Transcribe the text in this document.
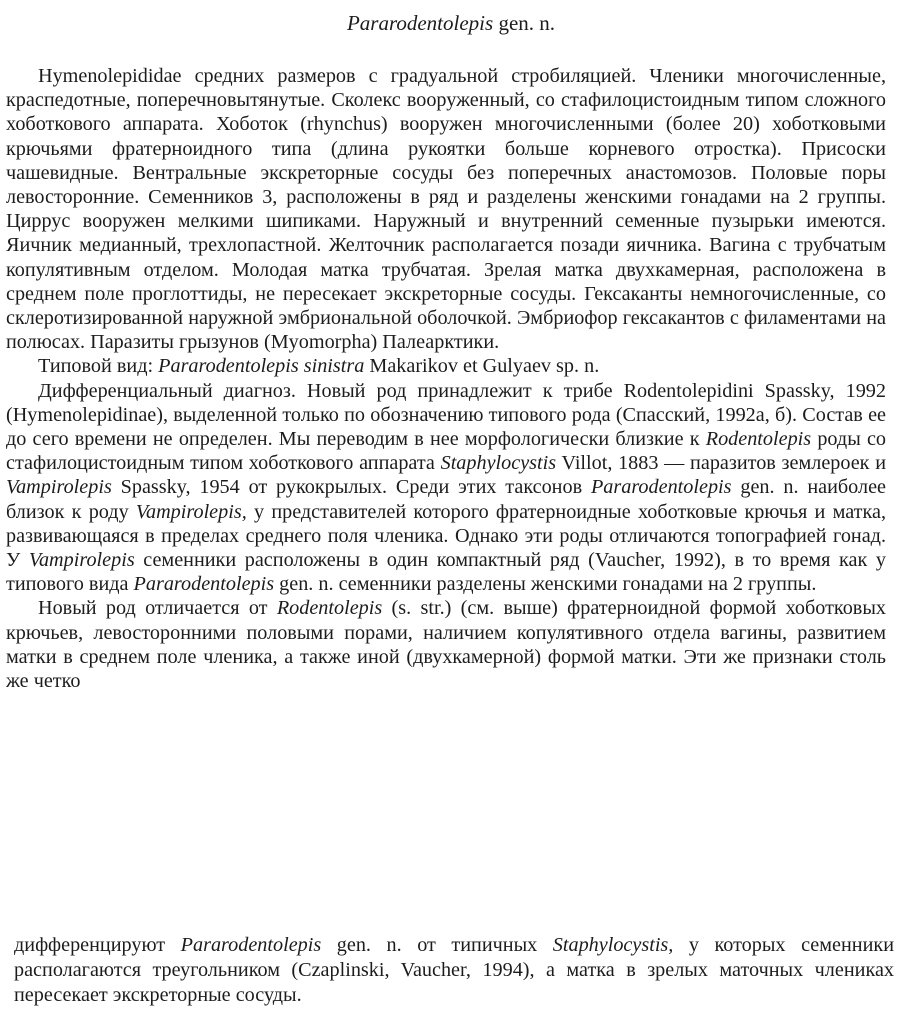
Pararodentolepis gen. n.

Hymenolepididae средних размеров с градуальной стробиляцией. Членики многочисленные, краспедотные, поперечновытянутые. Сколекс вооруженный, со стафилоцистоидным типом сложного хоботкового аппарата. Хоботок (rhynchus) вооружен многочисленными (более 20) хоботковыми крючьями фратерноидного типа (длина рукоятки больше корневого отростка). Присоски чашевидные. Вентральные экскреторные сосуды без поперечных анастомозов. Половые поры левосторонние. Семенников 3, расположены в ряд и разделены женскими гонадами на 2 группы. Циррус вооружен мелкими шипиками. Наружный и внутренний семенные пузырьки имеются. Яичник медианный, трехлопастной. Желточник располагается позади яичника. Вагина с трубчатым копулятивным отделом. Молодая матка трубчатая. Зрелая матка двухкамерная, расположена в среднем поле проглоттиды, не пересекает экскреторные сосуды. Гексаканты немногочисленные, со склеротизированной наружной эмбриональной оболочкой. Эмбриофор гексакантов с филаментами на полюсах. Паразиты грызунов (Myomorpha) Палеарктики.

Типовой вид: Pararodentolepis sinistra Makarikov et Gulyaev sp. n.

Дифференциальный диагноз. Новый род принадлежит к трибе Rodentolepidini Spassky, 1992 (Hymenolepidinae), выделенной только по обозначению типового рода (Спасский, 1992а, б). Состав ее до сего времени не определен. Мы переводим в нее морфологически близкие к Rodentolepis роды со стафилоцистоидным типом хоботкового аппарата Staphylocystis Villot, 1883 — паразитов землероек и Vampirolepis Spassky, 1954 от рукокрылых. Среди этих таксонов Pararodentolepis gen. n. наиболее близок к роду Vampirolepis, у представителей которого фратерноидные хоботковые крючья и матка, развивающаяся в пределах среднего поля членика. Однако эти роды отличаются топографией гонад. У Vampirolepis семенники расположены в один компактный ряд (Vaucher, 1992), в то время как у типового вида Pararodentolepis gen. n. семенники разделены женскими гонадами на 2 группы.

Новый род отличается от Rodentolepis (s. str.) (см. выше) фратерноидной формой хоботковых крючьев, левосторонними половыми порами, наличием копулятивного отдела вагины, развитием матки в среднем поле членика, а также иной (двухкамерной) формой матки. Эти же признаки столь же четко

дифференцируют Pararodentolepis gen. n. от типичных Staphylocystis, у которых семенники располагаются треугольником (Czaplinski, Vaucher, 1994), а матка в зрелых маточных члениках пересекает экскреторные сосуды.
